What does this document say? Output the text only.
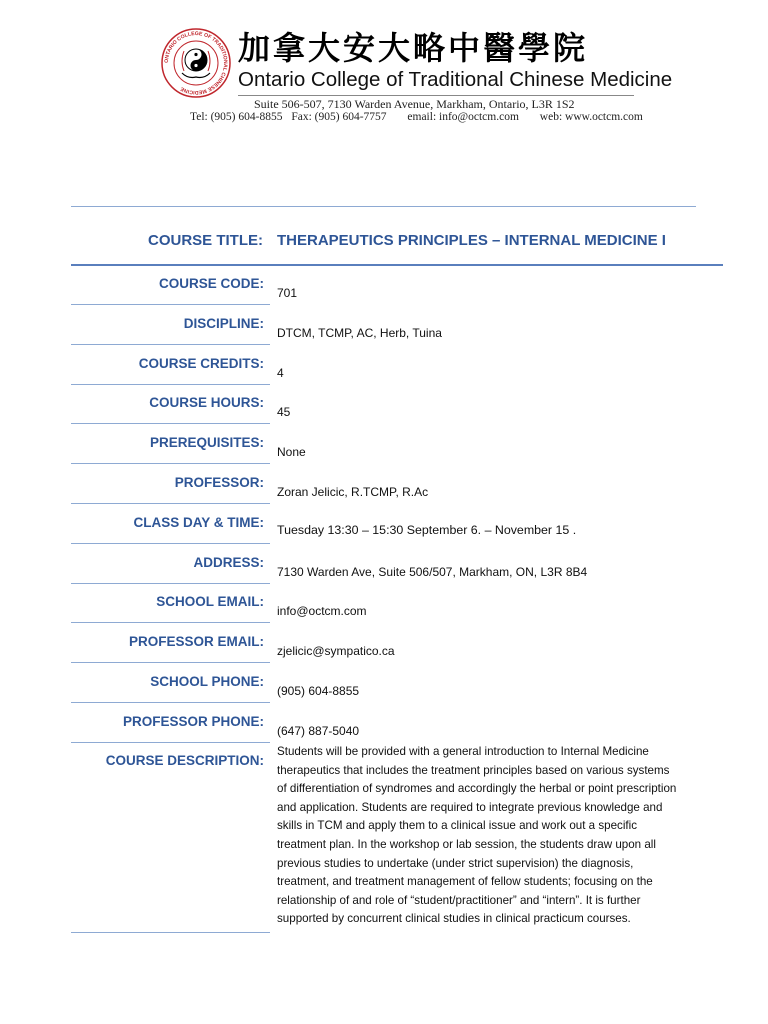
ONTARIO COLLEGE OF TRADITIONAL CHINESE MEDICINE
加拿大安大略中醫學院
Ontario College of Traditional Chinese Medicine
Suite 506-507, 7130 Warden Avenue, Markham, Ontario, L3R 1S2
Tel: (905) 604-8855 Fax: (905) 604-7757 email: info@octcm.com web: www.octcm.com
COURSE TITLE: THERAPEUTICS PRINCIPLES – INTERNAL MEDICINE I
COURSE CODE:
701
DISCIPLINE:
DTCM, TCMP, AC, Herb, Tuina
COURSE CREDITS:
4
COURSE HOURS:
45
PREREQUISITES:
None
PROFESSOR:
Zoran Jelicic, R.TCMP, R.Ac
CLASS DAY & TIME: Tuesday 13:30 – 15:30 September 6. – November 15 .
ADDRESS:
7130 Warden Ave, Suite 506/507, Markham, ON, L3R 8B4
SCHOOL EMAIL:
info@octcm.com
PROFESSOR EMAIL:
zjelicic@sympatico.ca
SCHOOL PHONE:
(905) 604-8855
PROFESSOR PHONE:
(647) 887-5040
COURSE DESCRIPTION:
Students will be provided with a general introduction to Internal Medicine
therapeutics that includes the treatment principles based on various systems
of differentiation of syndromes and accordingly the herbal or point prescription
and application. Students are required to integrate previous knowledge and
skills in TCM and apply them to a clinical issue and work out a specific
treatment plan. In the workshop or lab session, the students draw upon all
previous studies to undertake (under strict supervision) the diagnosis,
treatment, and treatment management of fellow students; focusing on the
relationship of and role of “student/practitioner” and “intern”. It is further
supported by concurrent clinical studies in clinical practicum courses.
